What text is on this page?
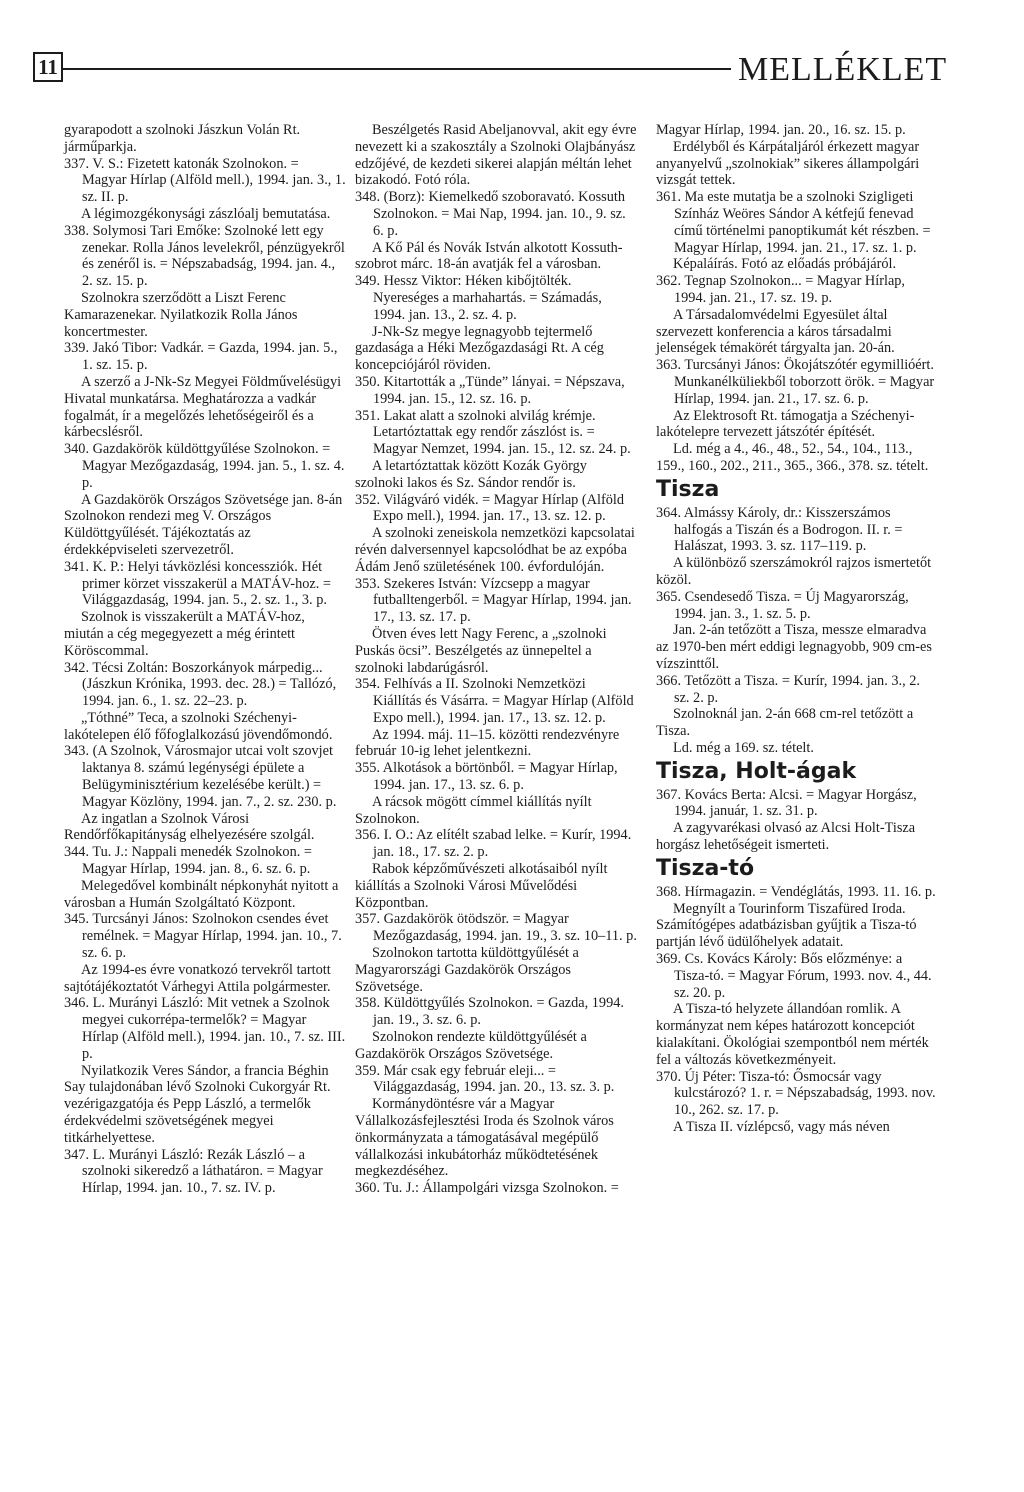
11	MELLÉKLET

gyarapodott a szolnoki Jászkun Volán Rt. járműparkja.

337. V. S.: Fizetett katonák Szolnokon. = Magyar Hírlap (Alföld mell.), 1994. jan. 3., 1. sz. II. p.

A légimozgékonysági zászlóalj bemutatása.

338. Solymosi Tari Emőke: Szolnoké lett egy zenekar. Rolla János levelekről, pénzügyekről és zenéről is. = Népszabadság, 1994. jan. 4., 2. sz. 15. p.

Szolnokra szerződött a Liszt Ferenc Kamarazenekar. Nyilatkozik Rolla János koncertmester.

339. Jakó Tibor: Vadkár. = Gazda, 1994. jan. 5., 1. sz. 15. p.

A szerző a J-Nk-Sz Megyei Földművelésügyi Hivatal munkatársa. Meghatározza a vadkár fogalmát, ír a megelőzés lehetőségeiről és a kárbecslésről.

340. Gazdakörök küldöttgyűlése Szolnokon. = Magyar Mezőgazdaság, 1994. jan. 5., 1. sz. 4. p.

A Gazdakörök Országos Szövetsége jan. 8-án Szolnokon rendezi meg V. Országos Küldöttgyűlését. Tájékoztatás az érdekképviseleti szervezetről.

341. K. P.: Helyi távközlési koncessziók. Hét primer körzet visszakerül a MATÁV-hoz. = Világgazdaság, 1994. jan. 5., 2. sz. 1., 3. p.

Szolnok is visszakerült a MATÁV-hoz, miután a cég megegyezett a még érintett Köröscommal.

342. Técsi Zoltán: Boszorkányok márpedig... (Jászkun Krónika, 1993. dec. 28.) = Tallózó, 1994. jan. 6., 1. sz. 22–23. p.

„Tóthné” Teca, a szolnoki Széchenyi-lakótelepen élő főfoglalkozású jövendőmondó.

343. (A Szolnok, Városmajor utcai volt szovjet laktanya 8. számú legénységi épülete a Belügyminisztérium kezelésébe került.) = Magyar Közlöny, 1994. jan. 7., 2. sz. 230. p.

Az ingatlan a Szolnok Városi Rendőrfőkapitányság elhelyezésére szolgál.

344. Tu. J.: Nappali menedék Szolnokon. = Magyar Hírlap, 1994. jan. 8., 6. sz. 6. p.

Melegedővel kombinált népkonyhát nyitott a városban a Humán Szolgáltató Központ.

345. Turcsányi János: Szolnokon csendes évet remélnek. = Magyar Hírlap, 1994. jan. 10., 7. sz. 6. p.

Az 1994-es évre vonatkozó tervekről tartott sajtótájékoztatót Várhegyi Attila polgármester.

346. L. Murányi László: Mit vetnek a Szolnok megyei cukorrépa-termelők? = Magyar Hírlap (Alföld mell.), 1994. jan. 10., 7. sz. III. p.

Nyilatkozik Veres Sándor, a francia Béghin Say tulajdonában lévő Szolnoki Cukorgyár Rt. vezérigazgatója és Pepp László, a termelők érdekvédelmi szövetségének megyei titkárhelyettese.

347. L. Murányi László: Rezák László – a szolnoki sikeredző a láthatáron. = Magyar Hírlap, 1994. jan. 10., 7. sz. IV. p.

Beszélgetés Rasid Abeljanovval, akit egy évre nevezett ki a szakosztály a Szolnoki Olajbányász edzőjévé, de kezdeti sikerei alapján méltán lehet bizakodó. Fotó róla.

348. (Borz): Kiemelkedő szoboravató. Kossuth Szolnokon. = Mai Nap, 1994. jan. 10., 9. sz. 6. p.

A Kő Pál és Novák István alkotott Kossuth-szobrot márc. 18-án avatják fel a városban.

349. Hessz Viktor: Héken kibőjtölték. Nyereséges a marhahartás. = Számadás, 1994. jan. 13., 2. sz. 4. p.

J-Nk-Sz megye legnagyobb tejtermelő gazdasága a Héki Mezőgazdasági Rt. A cég koncepciójáról röviden.

350. Kitartották a „Tünde” lányai. = Népszava, 1994. jan. 15., 12. sz. 16. p.

351. Lakat alatt a szolnoki alvilág krémje. Letartóztattak egy rendőr zászlóst is. = Magyar Nemzet, 1994. jan. 15., 12. sz. 24. p.

A letartóztattak között Kozák György szolnoki lakos és Sz. Sándor rendőr is.

352. Világváró vidék. = Magyar Hírlap (Alföld Expo mell.), 1994. jan. 17., 13. sz. 12. p.

A szolnoki zeneiskola nemzetközi kapcsolatai révén dalversennyel kapcsolódhat be az expóba Ádám Jenő születésének 100. évfordulóján.

353. Szekeres István: Vízcsepp a magyar futballtengerből. = Magyar Hírlap, 1994. jan. 17., 13. sz. 17. p.

Ötven éves lett Nagy Ferenc, a „szolnoki Puskás öcsi”. Beszélgetés az ünnepeltel a szolnoki labdarúgásról.

354. Felhívás a II. Szolnoki Nemzetközi Kiállítás és Vásárra. = Magyar Hírlap (Alföld Expo mell.), 1994. jan. 17., 13. sz. 12. p.

Az 1994. máj. 11–15. közötti rendezvényre február 10-ig lehet jelentkezni.

355. Alkotások a börtönből. = Magyar Hírlap, 1994. jan. 17., 13. sz. 6. p.

A rácsok mögött címmel kiállítás nyílt Szolnokon.

356. I. O.: Az elítélt szabad lelke. = Kurír, 1994. jan. 18., 17. sz. 2. p.

Rabok képzőművészeti alkotásaiból nyílt kiállítás a Szolnoki Városi Művelődési Központban.

357. Gazdakörök ötödször. = Magyar Mezőgazdaság, 1994. jan. 19., 3. sz. 10–11. p.

Szolnokon tartotta küldöttgyűlését a Magyarországi Gazdakörök Országos Szövetsége.

358. Küldöttgyűlés Szolnokon. = Gazda, 1994. jan. 19., 3. sz. 6. p.

Szolnokon rendezte küldöttgyűlését a Gazdakörök Országos Szövetsége.

359. Már csak egy február eleji... = Világgazdaság, 1994. jan. 20., 13. sz. 3. p.

Kormánydöntésre vár a Magyar Vállalkozásfejlesztési Iroda és Szolnok város önkormányzata a támogatásával megépülő vállalkozási inkubátorház működtetésének megkezdéséhez.

360. Tu. J.: Állampolgári vizsga Szolnokon. =

Magyar Hírlap, 1994. jan. 20., 16. sz. 15. p.

Erdélyből és Kárpátaljáról érkezett magyar anyanyelvű „szolnokiak” sikeres állampolgári vizsgát tettek.

361. Ma este mutatja be a szolnoki Szigligeti Színház Weöres Sándor A kétfejű fenevad című történelmi panoptikumát két részben. = Magyar Hírlap, 1994. jan. 21., 17. sz. 1. p.

Képaláírás. Fotó az előadás próbájáról.

362. Tegnap Szolnokon... = Magyar Hírlap, 1994. jan. 21., 17. sz. 19. p.

A Társadalomvédelmi Egyesület által szervezett konferencia a káros társadalmi jelenségek témakörét tárgyalta jan. 20-án.

363. Turcsányi János: Ökojátszótér egymillióért. Munkanélküliekből toborzott örök. = Magyar Hírlap, 1994. jan. 21., 17. sz. 6. p.

Az Elektrosoft Rt. támogatja a Széchenyi-lakótelepre tervezett játszótér építését.

Ld. még a 4., 46., 48., 52., 54., 104., 113., 159., 160., 202., 211., 365., 366., 378. sz. tételt.

Tisza

364. Almássy Károly, dr.: Kisszerszámos halfogás a Tiszán és a Bodrogon. II. r. = Halászat, 1993. 3. sz. 117–119. p.

A különböző szerszámokról rajzos ismertetőt közöl.

365. Csendesedő Tisza. = Új Magyarország, 1994. jan. 3., 1. sz. 5. p.

Jan. 2-án tetőzött a Tisza, messze elmaradva az 1970-ben mért eddigi legnagyobb, 909 cm-es vízszinttől.

366. Tetőzött a Tisza. = Kurír, 1994. jan. 3., 2. sz. 2. p.

Szolnoknál jan. 2-án 668 cm-rel tetőzött a Tisza.

Ld. még a 169. sz. tételt.

Tisza, Holt-ágak

367. Kovács Berta: Alcsi. = Magyar Horgász, 1994. január, 1. sz. 31. p.

A zagyvarékasi olvasó az Alcsi Holt-Tisza horgász lehetőségeit ismerteti.

Tisza-tó

368. Hírmagazin. = Vendéglátás, 1993. 11. 16. p.

Megnyílt a Tourinform Tiszafüred Iroda. Számítógépes adatbázisban gyűjtik a Tisza-tó partján lévő üdülőhelyek adatait.

369. Cs. Kovács Károly: Bős előzménye: a Tisza-tó. = Magyar Fórum, 1993. nov. 4., 44. sz. 20. p.

A Tisza-tó helyzete állandóan romlik. A kormányzat nem képes határozott koncepciót kialakítani. Ökológiai szempontból nem mérték fel a változás következményeit.

370. Új Péter: Tisza-tó: Ősmocsár vagy kulcstározó? 1. r. = Népszabadság, 1993. nov. 10., 262. sz. 17. p.

A Tisza II. vízlépcső, vagy más néven
